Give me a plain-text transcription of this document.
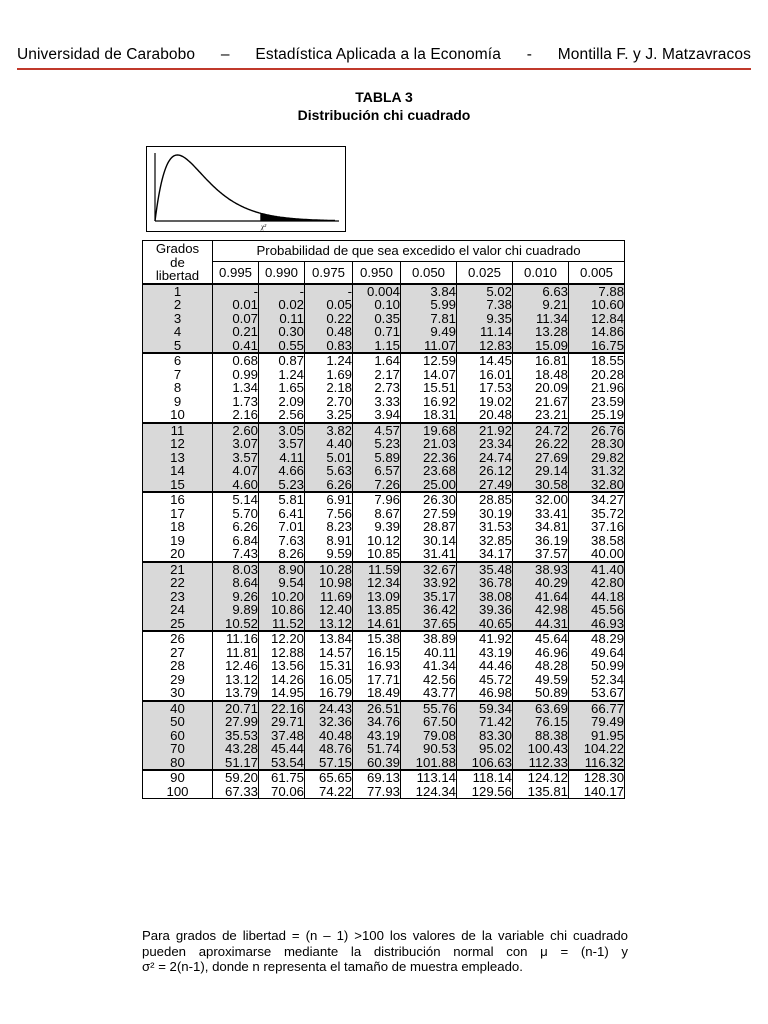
Universidad de Carabobo – Estadística Aplicada a la Economía - Montilla F. y J. Matzavracos
TABLA 3
Distribución chi cuadrado
χ²
Grados
de
libertad	Probabilidad de que sea excedido el valor chi cuadrado							
	0.995	0.990	0.975	0.950	0.050	0.025	0.010	0.005
1	-	-	-	0.004	3.84	5.02	6.63	7.88
2	0.01	0.02	0.05	0.10	5.99	7.38	9.21	10.60
3	0.07	0.11	0.22	0.35	7.81	9.35	11.34	12.84
4	0.21	0.30	0.48	0.71	9.49	11.14	13.28	14.86
5	0.41	0.55	0.83	1.15	11.07	12.83	15.09	16.75
6	0.68	0.87	1.24	1.64	12.59	14.45	16.81	18.55
7	0.99	1.24	1.69	2.17	14.07	16.01	18.48	20.28
8	1.34	1.65	2.18	2.73	15.51	17.53	20.09	21.96
9	1.73	2.09	2.70	3.33	16.92	19.02	21.67	23.59
10	2.16	2.56	3.25	3.94	18.31	20.48	23.21	25.19
11	2.60	3.05	3.82	4.57	19.68	21.92	24.72	26.76
12	3.07	3.57	4.40	5.23	21.03	23.34	26.22	28.30
13	3.57	4.11	5.01	5.89	22.36	24.74	27.69	29.82
14	4.07	4.66	5.63	6.57	23.68	26.12	29.14	31.32
15	4.60	5.23	6.26	7.26	25.00	27.49	30.58	32.80
16	5.14	5.81	6.91	7.96	26.30	28.85	32.00	34.27
17	5.70	6.41	7.56	8.67	27.59	30.19	33.41	35.72
18	6.26	7.01	8.23	9.39	28.87	31.53	34.81	37.16
19	6.84	7.63	8.91	10.12	30.14	32.85	36.19	38.58
20	7.43	8.26	9.59	10.85	31.41	34.17	37.57	40.00
21	8.03	8.90	10.28	11.59	32.67	35.48	38.93	41.40
22	8.64	9.54	10.98	12.34	33.92	36.78	40.29	42.80
23	9.26	10.20	11.69	13.09	35.17	38.08	41.64	44.18
24	9.89	10.86	12.40	13.85	36.42	39.36	42.98	45.56
25	10.52	11.52	13.12	14.61	37.65	40.65	44.31	46.93
26	11.16	12.20	13.84	15.38	38.89	41.92	45.64	48.29
27	11.81	12.88	14.57	16.15	40.11	43.19	46.96	49.64
28	12.46	13.56	15.31	16.93	41.34	44.46	48.28	50.99
29	13.12	14.26	16.05	17.71	42.56	45.72	49.59	52.34
30	13.79	14.95	16.79	18.49	43.77	46.98	50.89	53.67
40	20.71	22.16	24.43	26.51	55.76	59.34	63.69	66.77
50	27.99	29.71	32.36	34.76	67.50	71.42	76.15	79.49
60	35.53	37.48	40.48	43.19	79.08	83.30	88.38	91.95
70	43.28	45.44	48.76	51.74	90.53	95.02	100.43	104.22
80	51.17	53.54	57.15	60.39	101.88	106.63	112.33	116.32
90	59.20	61.75	65.65	69.13	113.14	118.14	124.12	128.30
100	67.33	70.06	74.22	77.93	124.34	129.56	135.81	140.17
Para grados de libertad = (n – 1) >100 los valores de la variable chi cuadrado
pueden aproximarse mediante la distribución normal con μ = (n-1) y
σ² = 2(n-1), donde n representa el tamaño de muestra empleado.
